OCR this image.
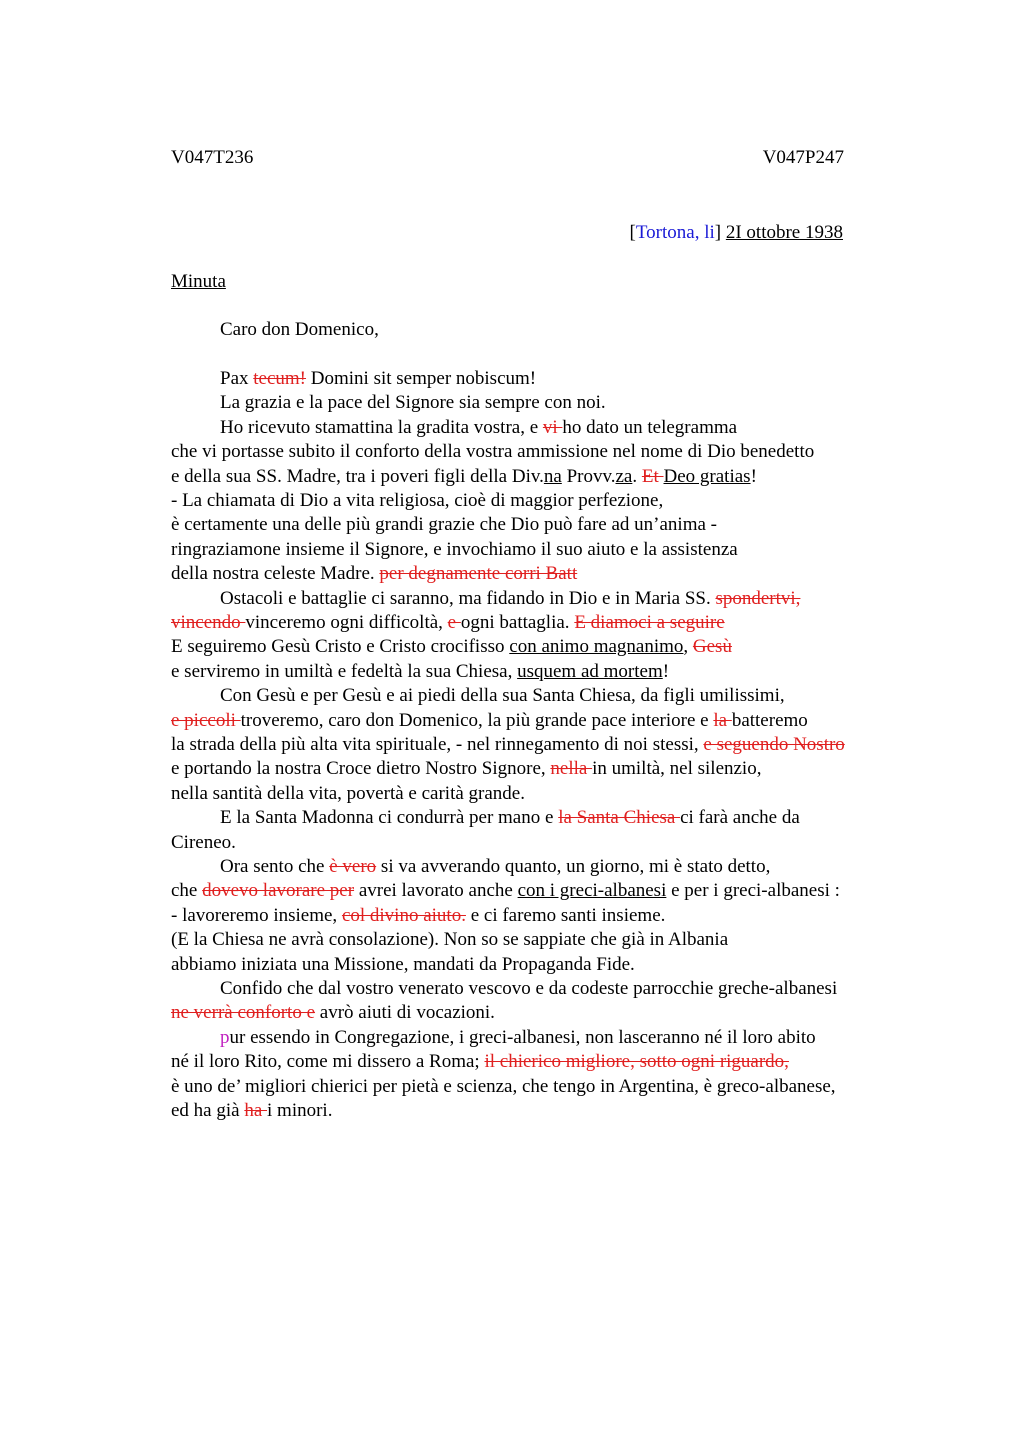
V047T236	V047P247
[Tortona, li] 2I ottobre 1938
Minuta
Caro don Domenico,
Pax tecum! Domini sit semper nobiscum!
La grazia e la pace del Signore sia sempre con noi.
Ho ricevuto stamattina la gradita vostra, e vi ho dato un telegramma
che vi portasse subito il conforto della vostra ammissione nel nome di Dio benedetto
e della sua SS. Madre, tra i poveri figli della Div.na Provv.za. Et Deo gratias!
- La chiamata di Dio a vita religiosa, cioè di maggior perfezione,
è certamente una delle più grandi grazie che Dio può fare ad un’anima -
ringraziamone insieme il Signore, e invochiamo il suo aiuto e la assistenza
della nostra celeste Madre. per degnamente corri Batt
Ostacoli e battaglie ci saranno, ma fidando in Dio e in Maria SS. spondertvi,
vincendo vinceremo ogni difficoltà, e ogni battaglia. E diamoci a seguire
E seguiremo Gesù Cristo e Cristo crocifisso con animo magnanimo, Gesù
e serviremo in umiltà e fedeltà la sua Chiesa, usquem ad mortem!
Con Gesù e per Gesù e ai piedi della sua Santa Chiesa, da figli umilissimi,
e piccoli troveremo, caro don Domenico, la più grande pace interiore e la batteremo
la strada della più alta vita spirituale, - nel rinnegamento di noi stessi, e seguendo Nostro
e portando la nostra Croce dietro Nostro Signore, nella in umiltà, nel silenzio,
nella santità della vita, povertà e carità grande.
E la Santa Madonna ci condurrà per mano e la Santa Chiesa ci farà anche da
Cireneo.
Ora sento che è vero si va avverando quanto, un giorno, mi è stato detto,
che dovevo lavorare per avrei lavorato anche con i greci-albanesi e per i greci-albanesi :
- lavoreremo insieme, col divino aiuto. e ci faremo santi insieme.
(E la Chiesa ne avrà consolazione). Non so se sappiate che già in Albania
abbiamo iniziata una Missione, mandati da Propaganda Fide.
Confido che dal vostro venerato vescovo e da codeste parrocchie greche-albanesi
ne verrà conforto e avrò aiuti di vocazioni.
pur essendo in Congregazione, i greci-albanesi, non lasceranno né il loro abito
né il loro Rito, come mi dissero a Roma; il chierico migliore, sotto ogni riguardo,
è uno de’ migliori chierici per pietà e scienza, che tengo in Argentina, è greco-albanese,
ed ha già ha i minori.
